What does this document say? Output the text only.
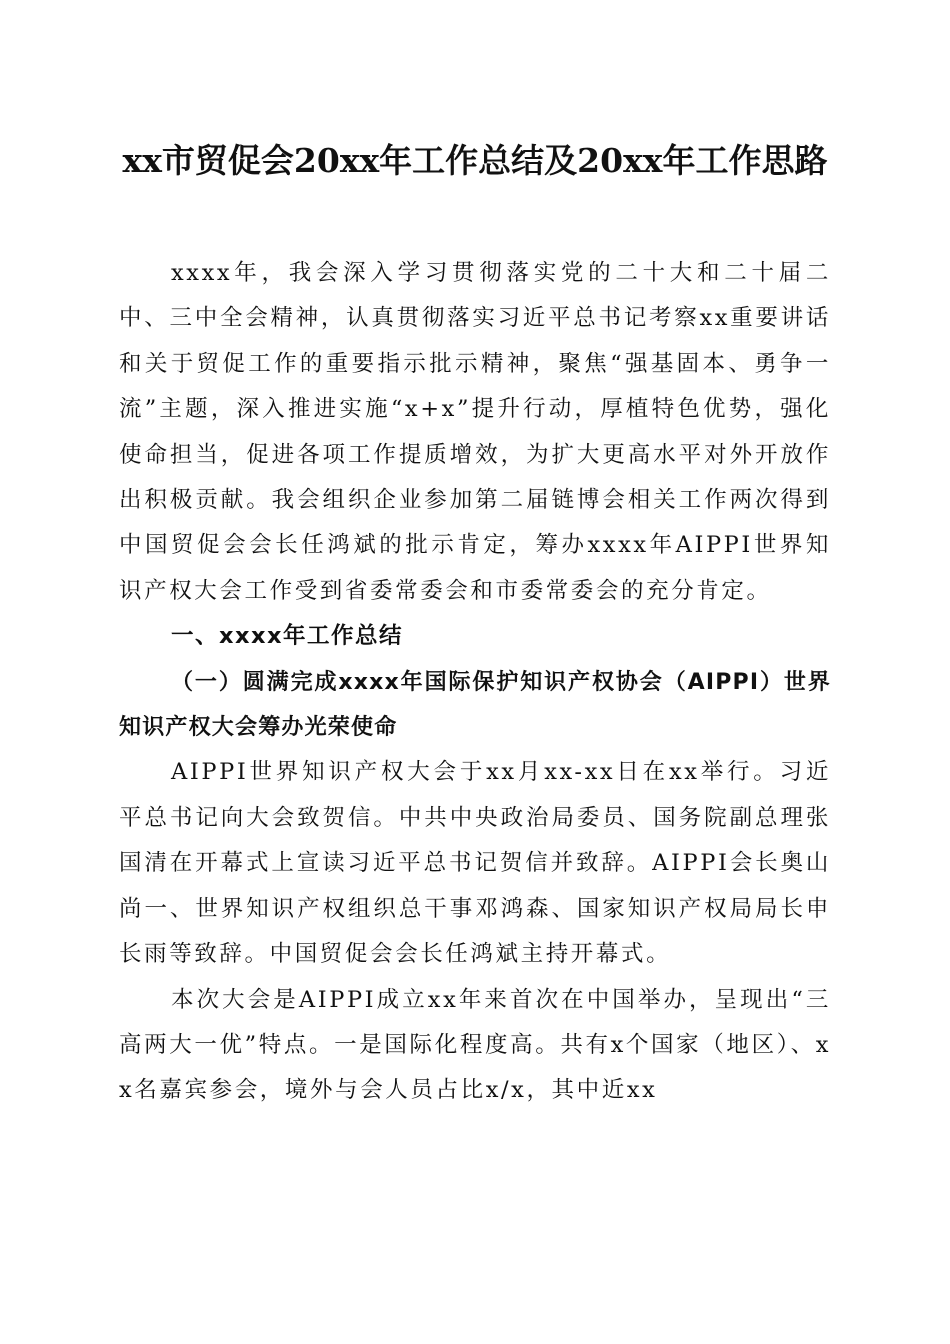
xx市贸促会20xx年工作总结及20xx年工作思路

xxxx年，我会深入学习贯彻落实党的二十大和二十届二中、三中全会精神，认真贯彻落实习近平总书记考察xx重要讲话和关于贸促工作的重要指示批示精神，聚焦“强基固本、勇争一流”主题，深入推进实施“x+x”提升行动，厚植特色优势，强化使命担当，促进各项工作提质增效，为扩大更高水平对外开放作出积极贡献。我会组织企业参加第二届链博会相关工作两次得到中国贸促会会长任鸿斌的批示肯定，筹办xxxx年AIPPI世界知识产权大会工作受到省委常委会和市委常委会的充分肯定。

一、xxxx年工作总结

（一）圆满完成xxxx年国际保护知识产权协会（AIPPI）世界知识产权大会筹办光荣使命

AIPPI世界知识产权大会于xx月xx-xx日在xx举行。习近平总书记向大会致贺信。中共中央政治局委员、国务院副总理张国清在开幕式上宣读习近平总书记贺信并致辞。AIPPI会长奥山尚一、世界知识产权组织总干事邓鸿森、国家知识产权局局长申长雨等致辞。中国贸促会会长任鸿斌主持开幕式。

本次大会是AIPPI成立xx年来首次在中国举办，呈现出“三高两大一优”特点。一是国际化程度高。共有x个国家（地区）、xx名嘉宾参会，境外与会人员占比x/x，其中近xx
